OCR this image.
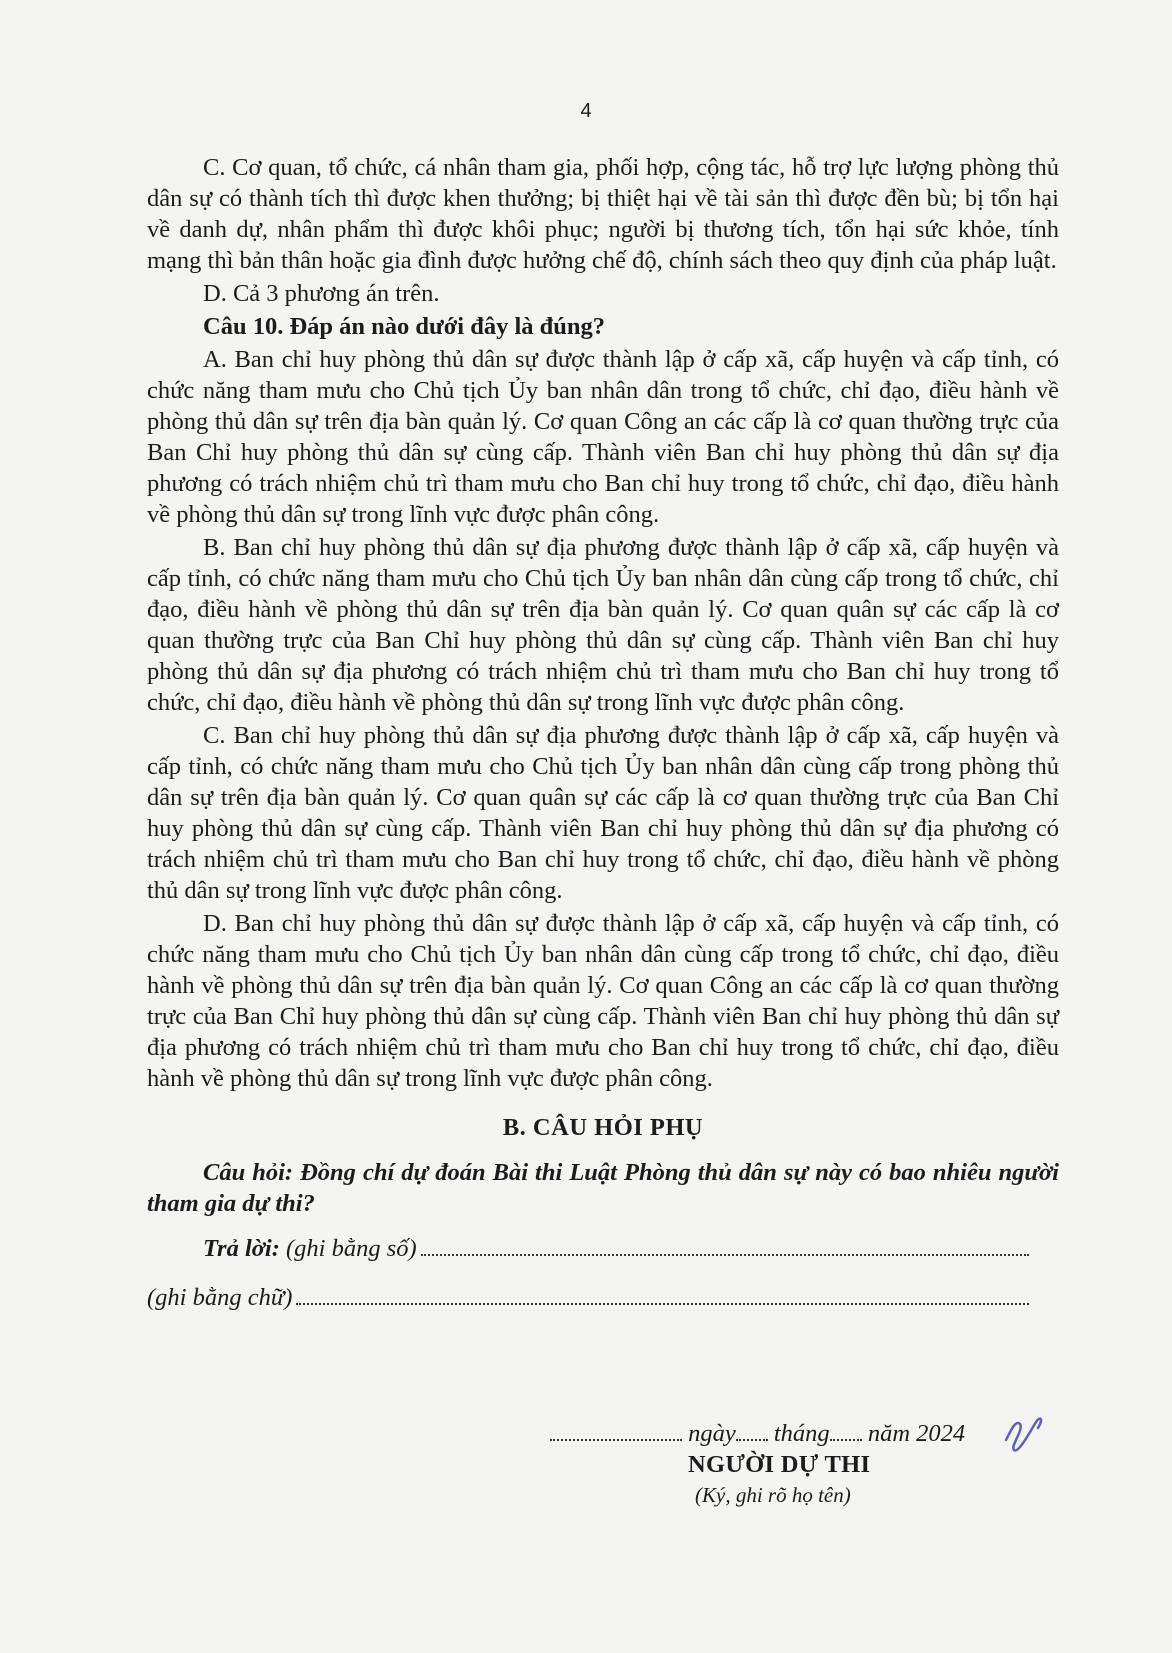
4

C. Cơ quan, tổ chức, cá nhân tham gia, phối hợp, cộng tác, hỗ trợ lực lượng phòng thủ dân sự có thành tích thì được khen thưởng; bị thiệt hại về tài sản thì được đền bù; bị tổn hại về danh dự, nhân phẩm thì được khôi phục; người bị thương tích, tổn hại sức khỏe, tính mạng thì bản thân hoặc gia đình được hưởng chế độ, chính sách theo quy định của pháp luật.

D. Cả 3 phương án trên.

Câu 10. Đáp án nào dưới đây là đúng?

A. Ban chỉ huy phòng thủ dân sự được thành lập ở cấp xã, cấp huyện và cấp tỉnh, có chức năng tham mưu cho Chủ tịch Ủy ban nhân dân trong tổ chức, chỉ đạo, điều hành về phòng thủ dân sự trên địa bàn quản lý. Cơ quan Công an các cấp là cơ quan thường trực của Ban Chỉ huy phòng thủ dân sự cùng cấp. Thành viên Ban chỉ huy phòng thủ dân sự địa phương có trách nhiệm chủ trì tham mưu cho Ban chỉ huy trong tổ chức, chỉ đạo, điều hành về phòng thủ dân sự trong lĩnh vực được phân công.

B. Ban chỉ huy phòng thủ dân sự địa phương được thành lập ở cấp xã, cấp huyện và cấp tỉnh, có chức năng tham mưu cho Chủ tịch Ủy ban nhân dân cùng cấp trong tổ chức, chỉ đạo, điều hành về phòng thủ dân sự trên địa bàn quản lý. Cơ quan quân sự các cấp là cơ quan thường trực của Ban Chỉ huy phòng thủ dân sự cùng cấp. Thành viên Ban chỉ huy phòng thủ dân sự địa phương có trách nhiệm chủ trì tham mưu cho Ban chỉ huy trong tổ chức, chỉ đạo, điều hành về phòng thủ dân sự trong lĩnh vực được phân công.

C. Ban chỉ huy phòng thủ dân sự địa phương được thành lập ở cấp xã, cấp huyện và cấp tỉnh, có chức năng tham mưu cho Chủ tịch Ủy ban nhân dân cùng cấp trong phòng thủ dân sự trên địa bàn quản lý. Cơ quan quân sự các cấp là cơ quan thường trực của Ban Chỉ huy phòng thủ dân sự cùng cấp. Thành viên Ban chỉ huy phòng thủ dân sự địa phương có trách nhiệm chủ trì tham mưu cho Ban chỉ huy trong tổ chức, chỉ đạo, điều hành về phòng thủ dân sự trong lĩnh vực được phân công.

D. Ban chỉ huy phòng thủ dân sự được thành lập ở cấp xã, cấp huyện và cấp tỉnh, có chức năng tham mưu cho Chủ tịch Ủy ban nhân dân cùng cấp trong tổ chức, chỉ đạo, điều hành về phòng thủ dân sự trên địa bàn quản lý. Cơ quan Công an các cấp là cơ quan thường trực của Ban Chỉ huy phòng thủ dân sự cùng cấp. Thành viên Ban chỉ huy phòng thủ dân sự địa phương có trách nhiệm chủ trì tham mưu cho Ban chỉ huy trong tổ chức, chỉ đạo, điều hành về phòng thủ dân sự trong lĩnh vực được phân công.

B. CÂU HỎI PHỤ

Câu hỏi: Đồng chí dự đoán Bài thi Luật Phòng thủ dân sự này có bao nhiêu người tham gia dự thi?

Trả lời:
(ghi bằng số)
(ghi bằng chữ)
ngày tháng năm 2024
NGƯỜI DỰ THI
(Ký, ghi rõ họ tên)
